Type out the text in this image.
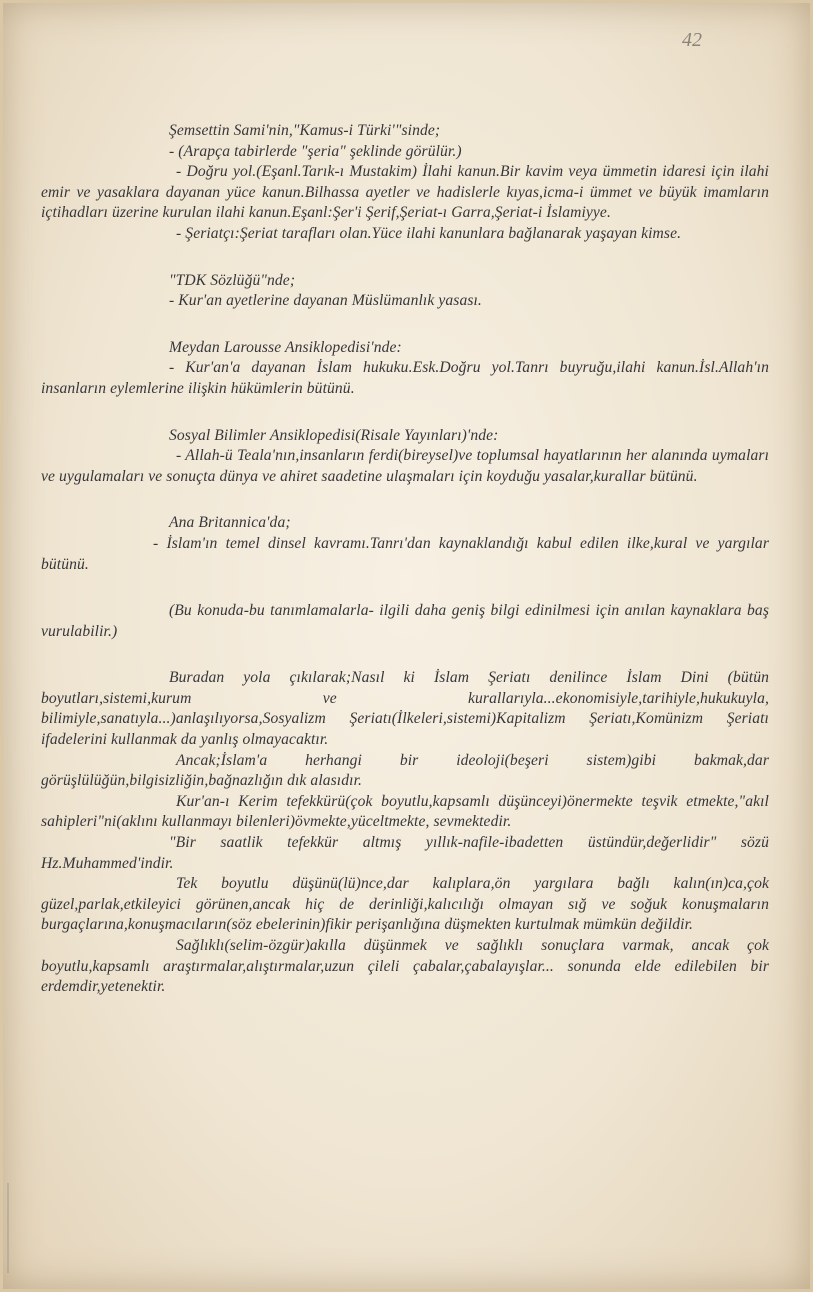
42

Şemsettin Sami'nin,"Kamus-i Türki'"sinde;

- (Arapça tabirlerde "şeria" şeklinde görülür.)

- Doğru yol.(Eşanl.Tarık-ı Mustakim) İlahi kanun.Bir kavim veya ümmetin idaresi için ilahi emir ve yasaklara dayanan yüce kanun.Bilhassa ayetler ve hadislerle kıyas,icma-i ümmet ve büyük imamların içtihadları üzerine kurulan ilahi kanun.Eşanl:Şer'i Şerif,Şeriat-ı Garra,Şeriat-i İslamiyye.

- Şeriatçı:Şeriat tarafları olan.Yüce ilahi kanunlara bağlanarak yaşayan kimse.

"TDK Sözlüğü"nde;

- Kur'an ayetlerine dayanan Müslümanlık yasası.

Meydan Larousse Ansiklopedisi'nde:

- Kur'an'a dayanan İslam hukuku.Esk.Doğru yol.Tanrı buyruğu,ilahi kanun.İsl.Allah'ın insanların eylemlerine ilişkin hükümlerin bütünü.

Sosyal Bilimler Ansiklopedisi(Risale Yayınları)'nde:

- Allah-ü Teala'nın,insanların ferdi(bireysel)ve toplumsal hayatlarının her alanında uymaları ve uygulamaları ve sonuçta dünya ve ahiret saadetine ulaşmaları için koyduğu yasalar,kurallar bütünü.

Ana Britannica'da;

- İslam'ın temel dinsel kavramı.Tanrı'dan kaynaklandığı kabul edilen ilke,kural ve yargılar bütünü.

(Bu konuda-bu tanımlamalarla- ilgili daha geniş bilgi edinilmesi için anılan kaynaklara baş vurulabilir.)

Buradan yola çıkılarak;Nasıl ki İslam Şeriatı denilince İslam Dini (bütün boyutları,sistemi,kurum ve kurallarıyla...ekonomisiyle,tarihiyle,hukukuyla, bilimiyle,sanatıyla...)anlaşılıyorsa,Sosyalizm Şeriatı(İlkeleri,sistemi)Kapitalizm Şeriatı,Komünizm Şeriatı ifadelerini kullanmak da yanlış olmayacaktır.

Ancak;İslam'a herhangi bir ideoloji(beşeri sistem)gibi bakmak,dar görüşlülüğün,bilgisizliğin,bağnazlığın dık alasıdır.

Kur'an-ı Kerim tefekkürü(çok boyutlu,kapsamlı düşünceyi)önermekte teşvik etmekte,"akıl sahipleri"ni(aklını kullanmayı bilenleri)övmekte,yüceltmekte, sevmektedir.

"Bir saatlik tefekkür altmış yıllık-nafile-ibadetten üstündür,değerlidir" sözü Hz.Muhammed'indir.

Tek boyutlu düşünü(lü)nce,dar kalıplara,ön yargılara bağlı kalın(ın)ca,çok güzel,parlak,etkileyici görünen,ancak hiç de derinliği,kalıcılığı olmayan sığ ve soğuk konuşmaların burgaçlarına,konuşmacıların(söz ebelerinin)fikir perişanlığına düşmekten kurtulmak mümkün değildir.

Sağlıklı(selim-özgür)akılla düşünmek ve sağlıklı sonuçlara varmak, ancak çok boyutlu,kapsamlı araştırmalar,alıştırmalar,uzun çileli çabalar,çabalayışlar... sonunda elde edilebilen bir erdemdir,yetenektir.
